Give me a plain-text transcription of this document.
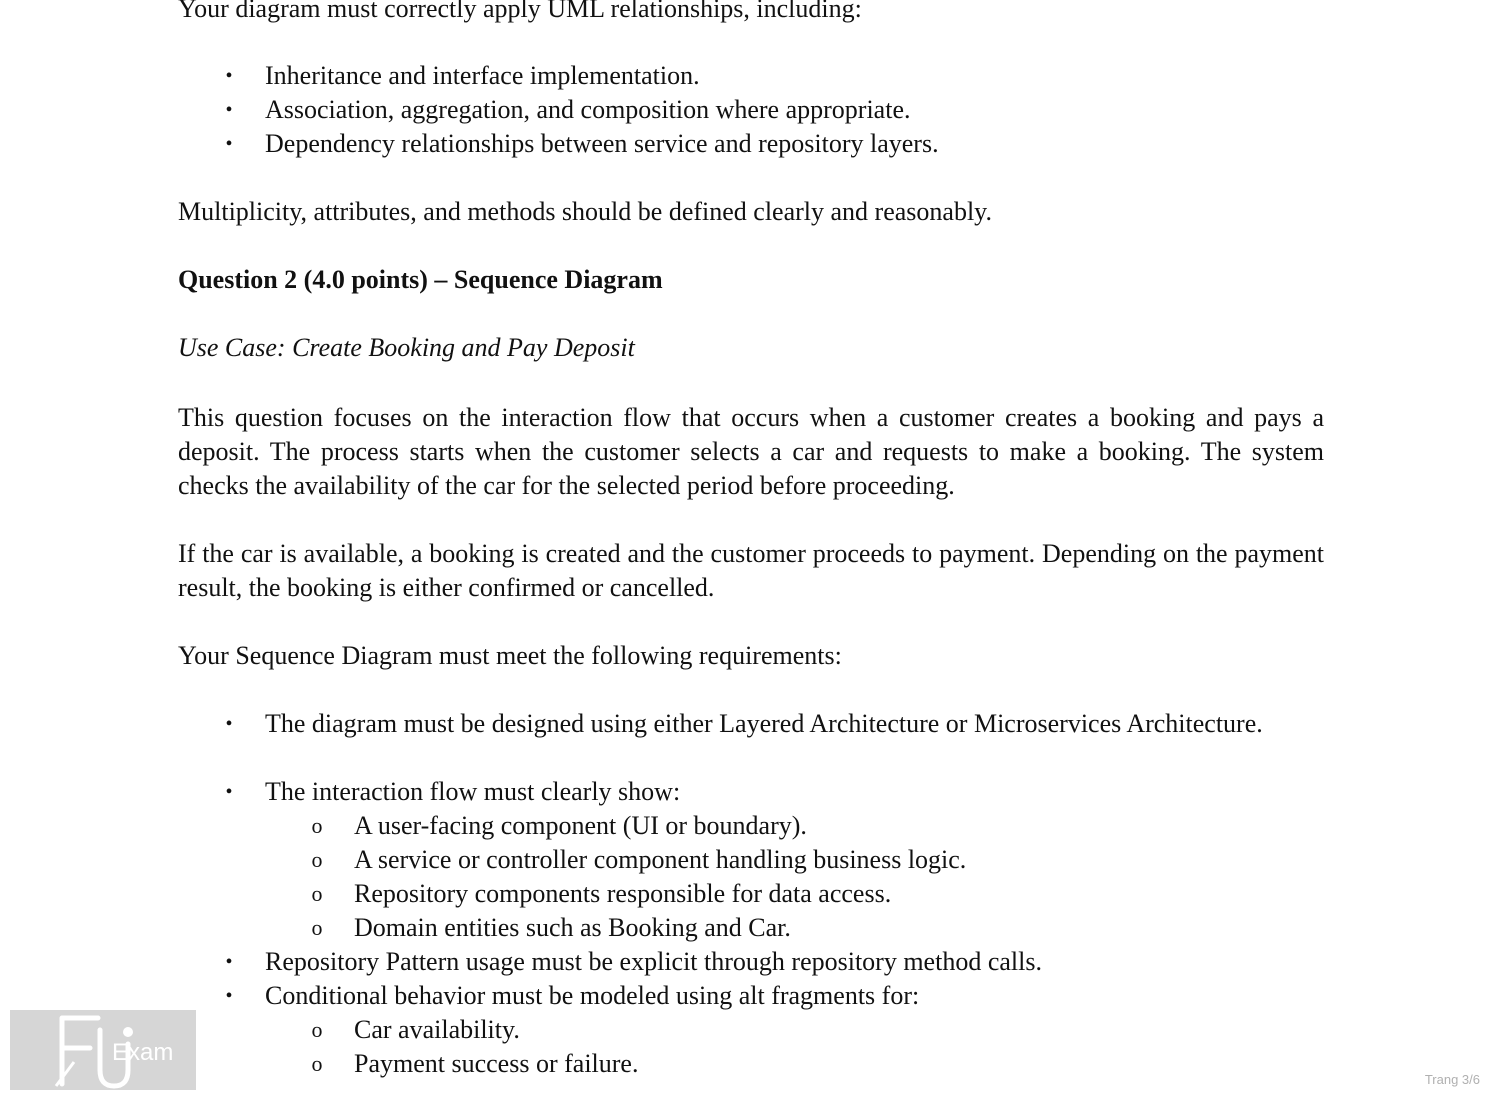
Your diagram must correctly apply UML relationships, including:
• Inheritance and interface implementation.
• Association, aggregation, and composition where appropriate.
• Dependency relationships between service and repository layers.
Multiplicity, attributes, and methods should be defined clearly and reasonably.
Question 2 (4.0 points) – Sequence Diagram
Use Case: Create Booking and Pay Deposit
This question focuses on the interaction flow that occurs when a customer creates a booking and pays a deposit. The process starts when the customer selects a car and requests to make a booking. The system checks the availability of the car for the selected period before proceeding.
If the car is available, a booking is created and the customer proceeds to payment. Depending on the payment result, the booking is either confirmed or cancelled.
Your Sequence Diagram must meet the following requirements:
• The diagram must be designed using either Layered Architecture or Microservices Architecture.
• The interaction flow must clearly show:
o A user-facing component (UI or boundary).
o A service or controller component handling business logic.
o Repository components responsible for data access.
o Domain entities such as Booking and Car.
• Repository Pattern usage must be explicit through repository method calls.
• Conditional behavior must be modeled using alt fragments for:
Exam
o Car availability.
o Payment success or failure.
Trang 3/6
